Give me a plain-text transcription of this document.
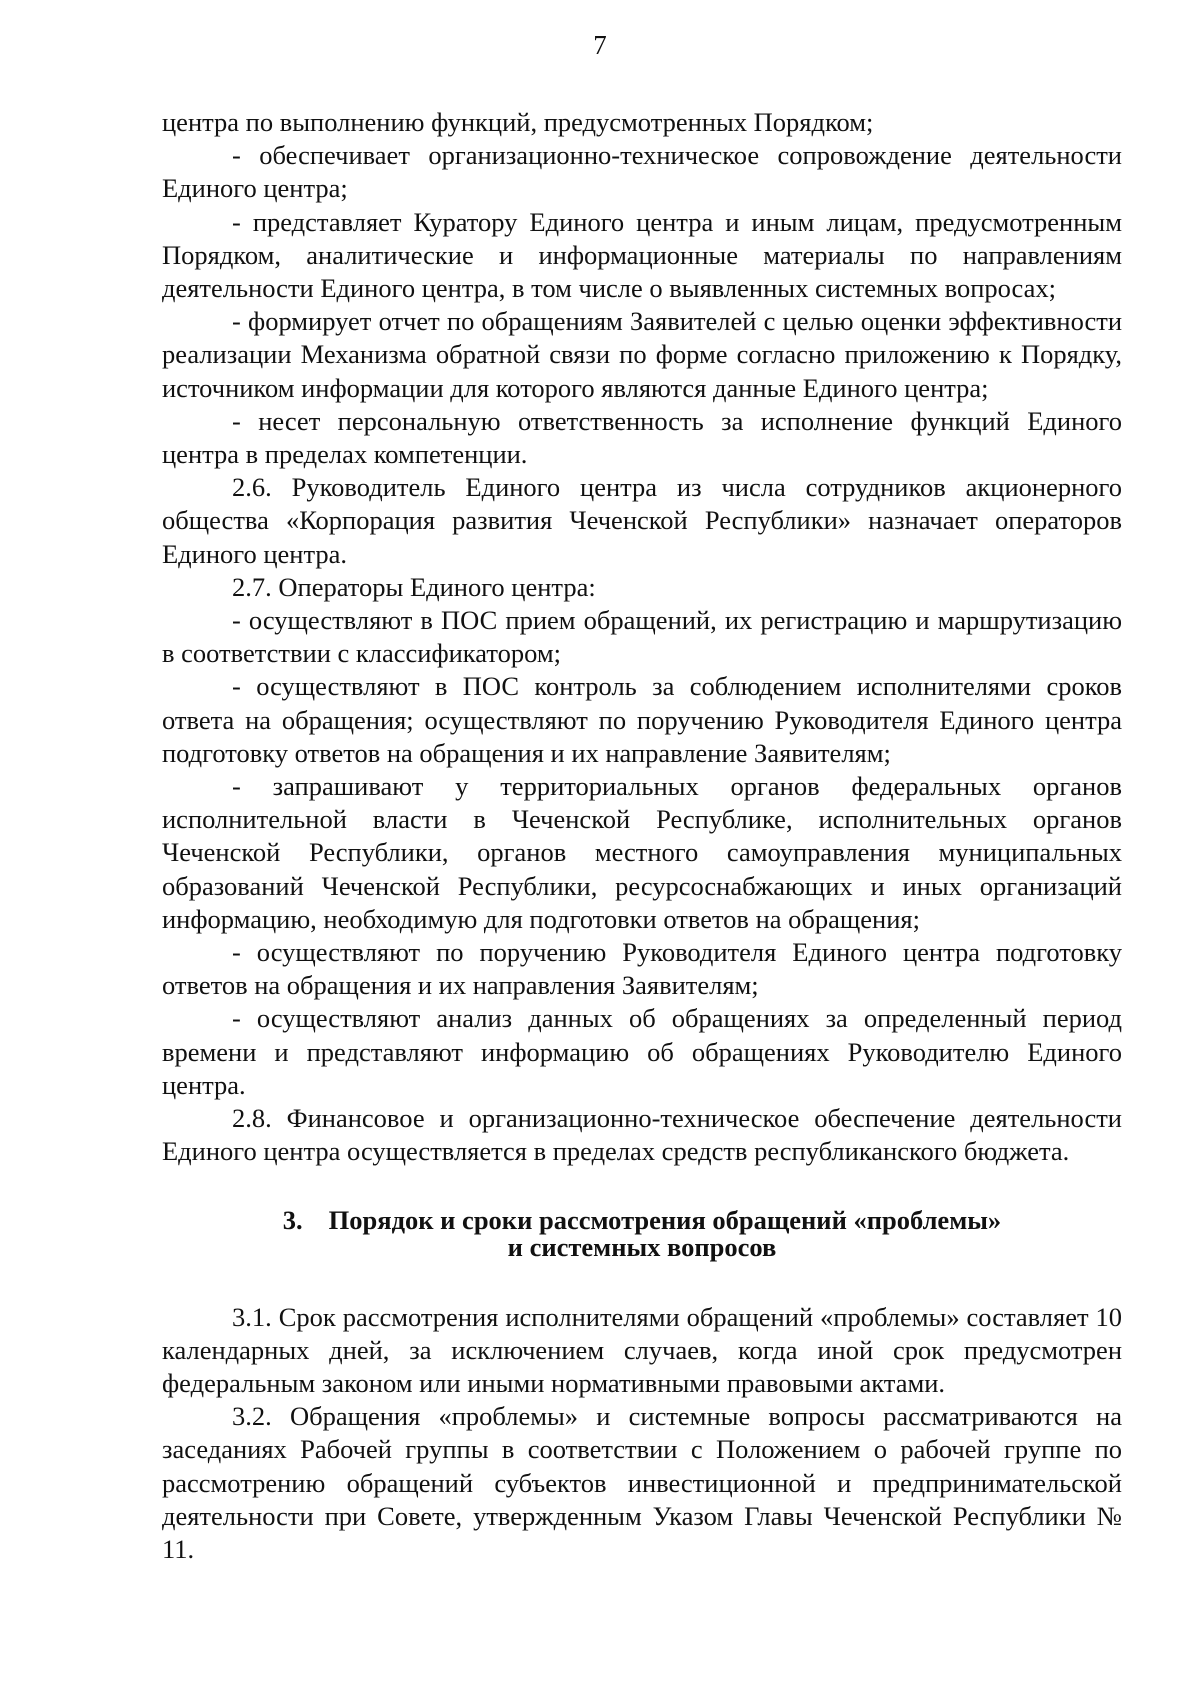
7

центра по выполнению функций, предусмотренных Порядком;

- обеспечивает организационно-техническое сопровождение деятельности Единого центра;

- представляет Куратору Единого центра и иным лицам, предусмотренным Порядком, аналитические и информационные материалы по направлениям деятельности Единого центра, в том числе о выявленных системных вопросах;

- формирует отчет по обращениям Заявителей с целью оценки эффективности реализации Механизма обратной связи по форме согласно приложению к Порядку, источником информации для которого являются данные Единого центра;

- несет персональную ответственность за исполнение функций Единого центра в пределах компетенции.

2.6. Руководитель Единого центра из числа сотрудников акционерного общества «Корпорация развития Чеченской Республики» назначает операторов Единого центра.

2.7. Операторы Единого центра:

- осуществляют в ПОС прием обращений, их регистрацию и маршрутизацию в соответствии с классификатором;

- осуществляют в ПОС контроль за соблюдением исполнителями сроков ответа на обращения; осуществляют по поручению Руководителя Единого центра подготовку ответов на обращения и их направление Заявителям;

- запрашивают у территориальных органов федеральных органов исполнительной власти в Чеченской Республике, исполнительных органов Чеченской Республики, органов местного самоуправления муниципальных образований Чеченской Республики, ресурсоснабжающих и иных организаций информацию, необходимую для подготовки ответов на обращения;

- осуществляют по поручению Руководителя Единого центра подготовку ответов на обращения и их направления Заявителям;

- осуществляют анализ данных об обращениях за определенный период времени и представляют информацию об обращениях Руководителю Единого центра.

2.8. Финансовое и организационно-техническое обеспечение деятельности Единого центра осуществляется в пределах средств республиканского бюджета.

3. Порядок и сроки рассмотрения обращений «проблемы»
и системных вопросов

3.1. Срок рассмотрения исполнителями обращений «проблемы» составляет 10 календарных дней, за исключением случаев, когда иной срок предусмотрен федеральным законом или иными нормативными правовыми актами.

3.2. Обращения «проблемы» и системные вопросы рассматриваются на заседаниях Рабочей группы в соответствии с Положением о рабочей группе по рассмотрению обращений субъектов инвестиционной и предпринимательской деятельности при Совете, утвержденным Указом Главы Чеченской Республики № 11.
